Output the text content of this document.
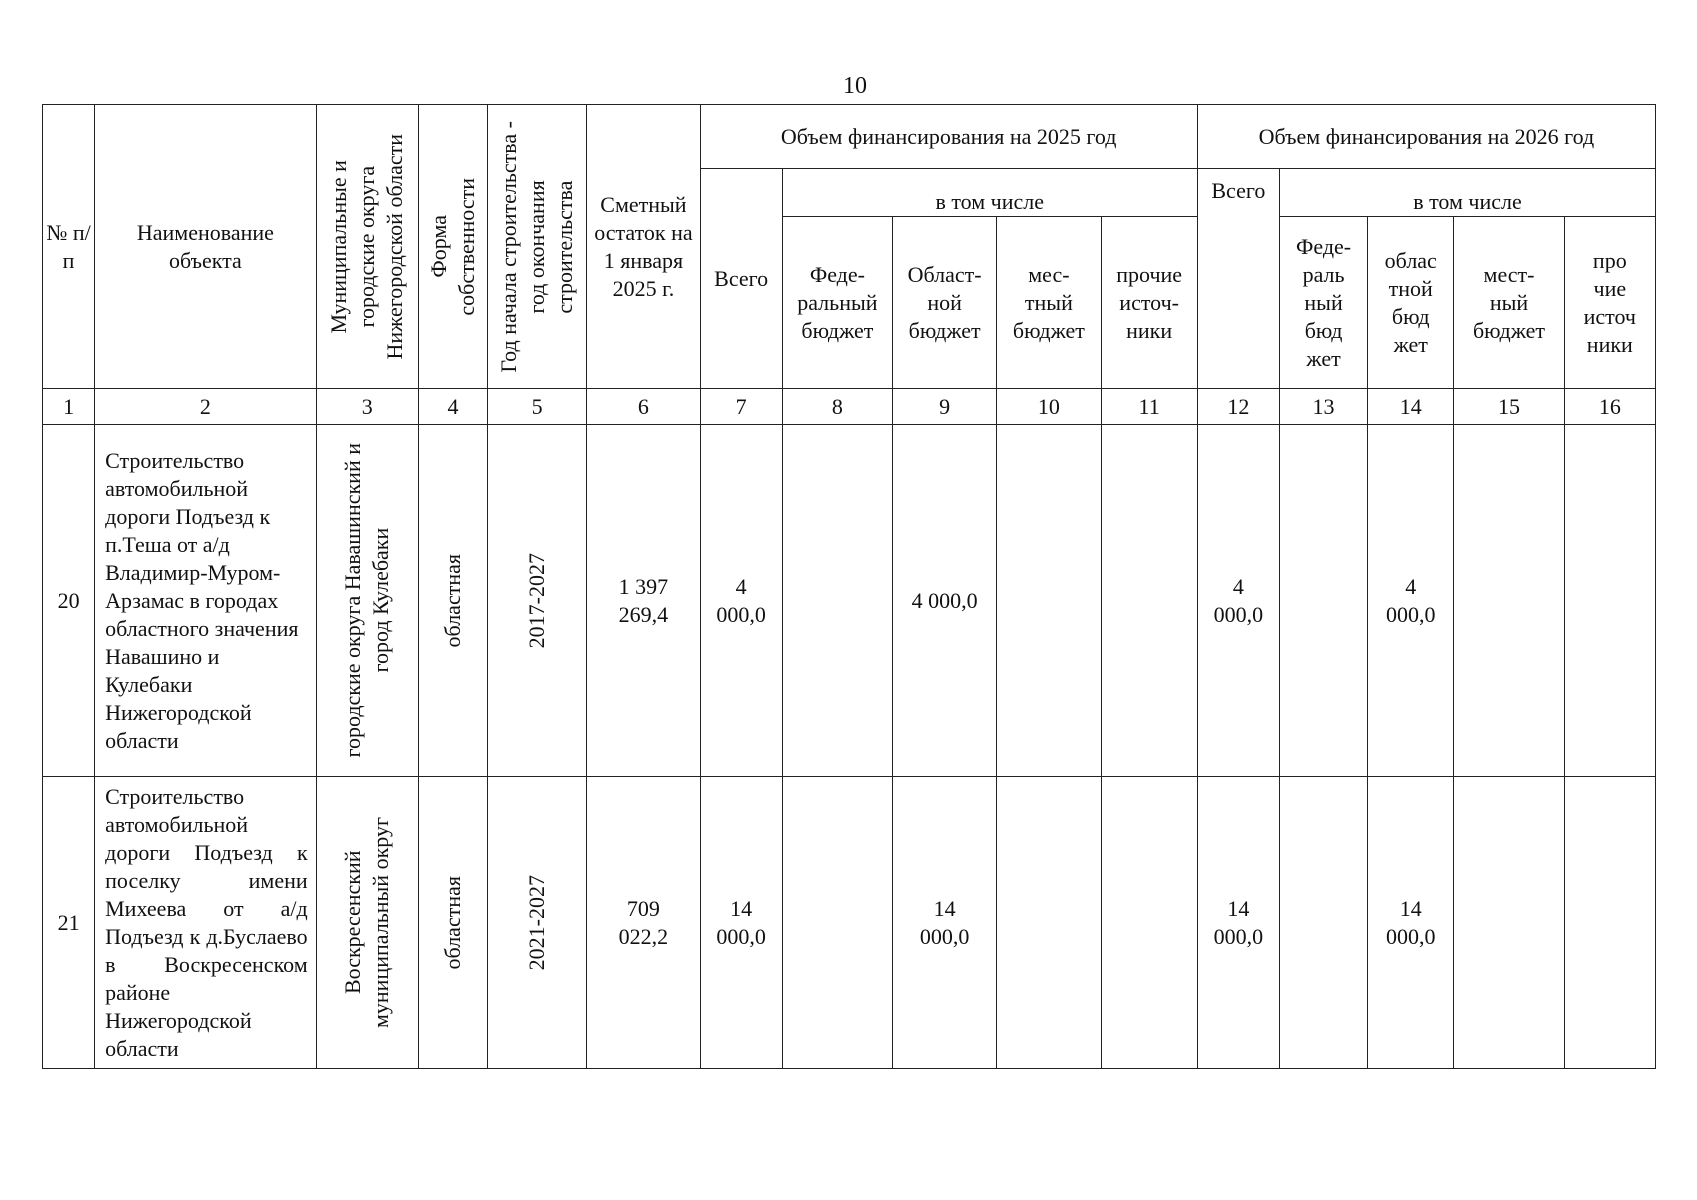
10
№ п/п	Наименование объекта	Муниципальные и городские округа Нижегородской области	Форма собственности	Год начала строительства - год окончания строительства	Сметный остаток на 1 января 2025 г.	Объем финансирования на 2025 год					Объем финансирования на 2026 год				
						Всего	в том числе				Всего	в том числе			
							Феде-ральный бюджет	Област-ной бюджет	мес-тный бюджет	прочие источ-ники		Феде-раль ный бюд жет	облас тной бюд жет	мест-ный бюджет	про чие источ ники
1	2	3	4	5	6	7	8	9	10	11	12	13	14	15	16
20	Строительство автомобильной дороги Подъезд к п.Теша от а/д Владимир-Муром-Арзамас в городах областного значения Навашино и Кулебаки Нижегородской области	городские округа Навашинский и город Кулебаки	областная	2017-2027	1 397 269,4	4 000,0		4 000,0			4 000,0		4 000,0		
21	Строительство автомобильной дороги Подъезд к поселку имени Михеева от а/д Подъезд к д.Буслаево в Воскресенском районе Нижегородской области	Воскресенский муниципальный округ	областная	2021-2027	709 022,2	14 000,0		14 000,0			14 000,0		14 000,0		
